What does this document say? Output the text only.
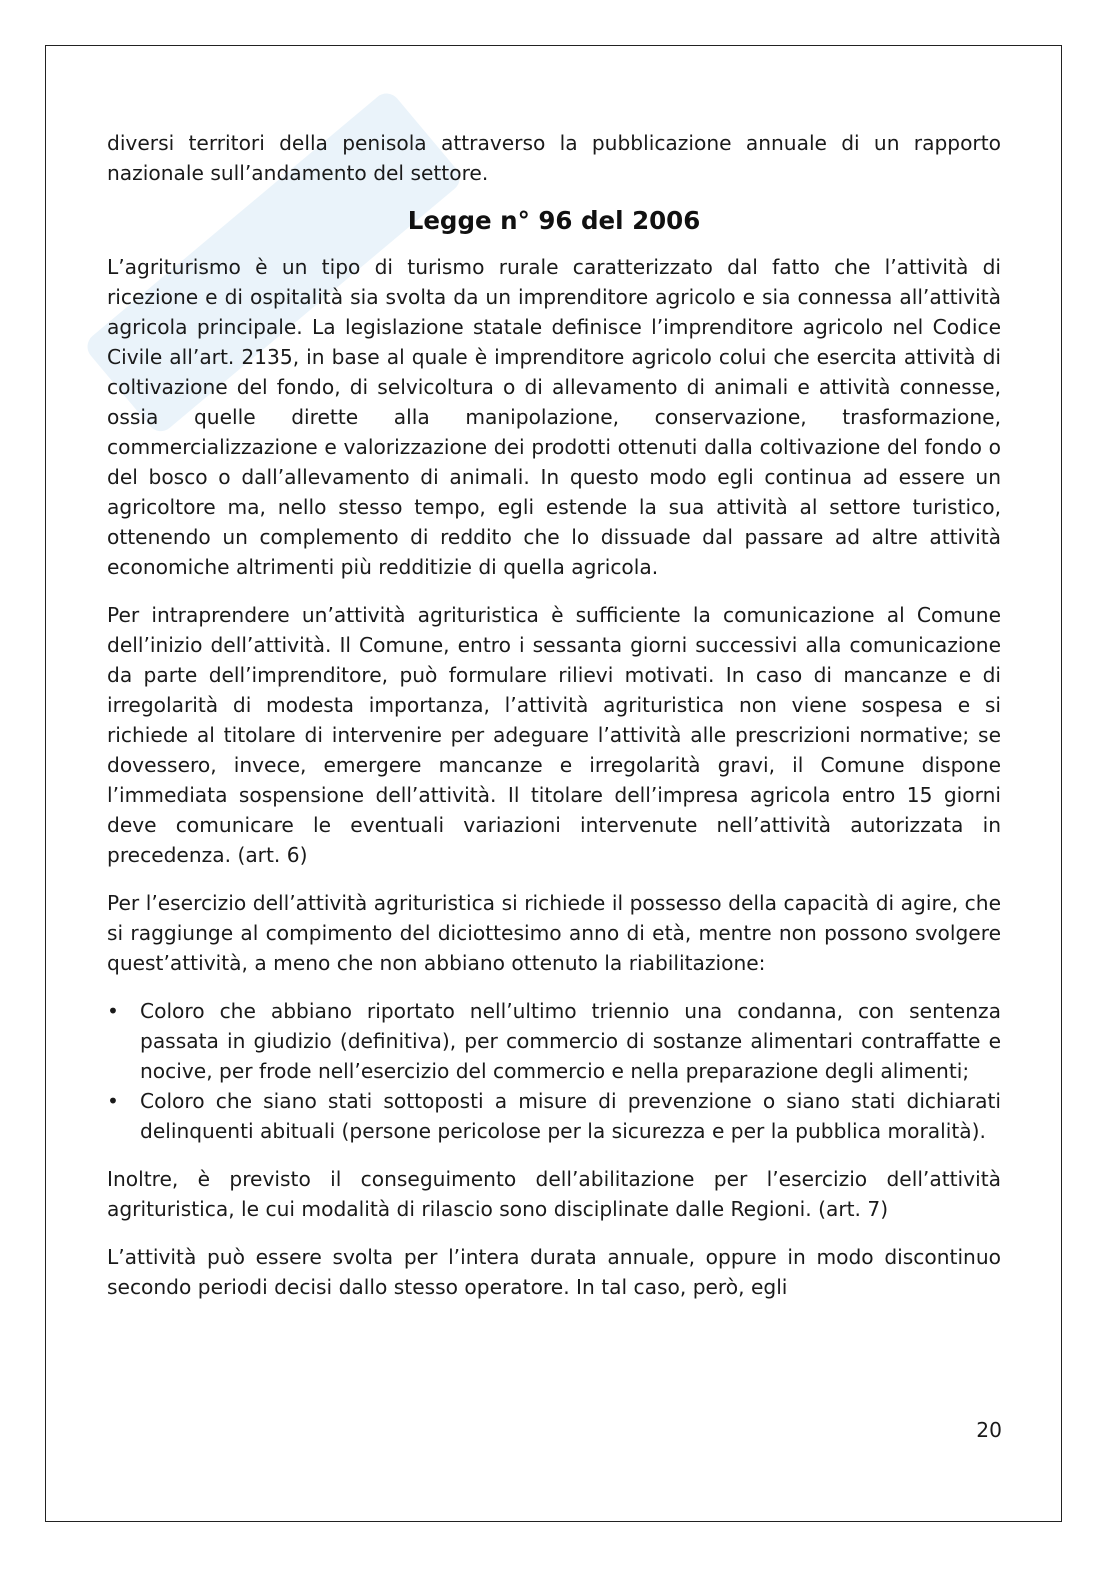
diversi territori della penisola attraverso la pubblicazione annuale di un rapporto nazionale sull’andamento del settore.

Legge n° 96 del 2006

L’agriturismo è un tipo di turismo rurale caratterizzato dal fatto che l’attività di ricezione e di ospitalità sia svolta da un imprenditore agricolo e sia connessa all’attività agricola principale. La legislazione statale definisce l’imprenditore agricolo nel Codice Civile all’art. 2135, in base al quale è imprenditore agricolo colui che esercita attività di coltivazione del fondo, di selvicoltura o di allevamento di animali e attività connesse, ossia quelle dirette alla manipolazione, conservazione, trasformazione, commercializzazione e valorizzazione dei prodotti ottenuti dalla coltivazione del fondo o del bosco o dall’allevamento di animali. In questo modo egli continua ad essere un agricoltore ma, nello stesso tempo, egli estende la sua attività al settore turistico, ottenendo un complemento di reddito che lo dissuade dal passare ad altre attività economiche altrimenti più redditizie di quella agricola.

Per intraprendere un’attività agrituristica è sufficiente la comunicazione al Comune dell’inizio dell’attività. Il Comune, entro i sessanta giorni successivi alla comunicazione da parte dell’imprenditore, può formulare rilievi motivati. In caso di mancanze e di irregolarità di modesta importanza, l’attività agrituristica non viene sospesa e si richiede al titolare di intervenire per adeguare l’attività alle prescrizioni normative; se dovessero, invece, emergere mancanze e irregolarità gravi, il Comune dispone l’immediata sospensione dell’attività. Il titolare dell’impresa agricola entro 15 giorni deve comunicare le eventuali variazioni intervenute nell’attività autorizzata in precedenza. (art. 6)

Per l’esercizio dell’attività agrituristica si richiede il possesso della capacità di agire, che si raggiunge al compimento del diciottesimo anno di età, mentre non possono svolgere quest’attività, a meno che non abbiano ottenuto la riabilitazione:

• Coloro che abbiano riportato nell’ultimo triennio una condanna, con sentenza passata in giudizio (definitiva), per commercio di sostanze alimentari contraffatte e nocive, per frode nell’esercizio del commercio e nella preparazione degli alimenti;
• Coloro che siano stati sottoposti a misure di prevenzione o siano stati dichiarati delinquenti abituali (persone pericolose per la sicurezza e per la pubblica moralità).

Inoltre, è previsto il conseguimento dell’abilitazione per l’esercizio dell’attività agrituristica, le cui modalità di rilascio sono disciplinate dalle Regioni. (art. 7)

L’attività può essere svolta per l’intera durata annuale, oppure in modo discontinuo secondo periodi decisi dallo stesso operatore. In tal caso, però, egli

20
